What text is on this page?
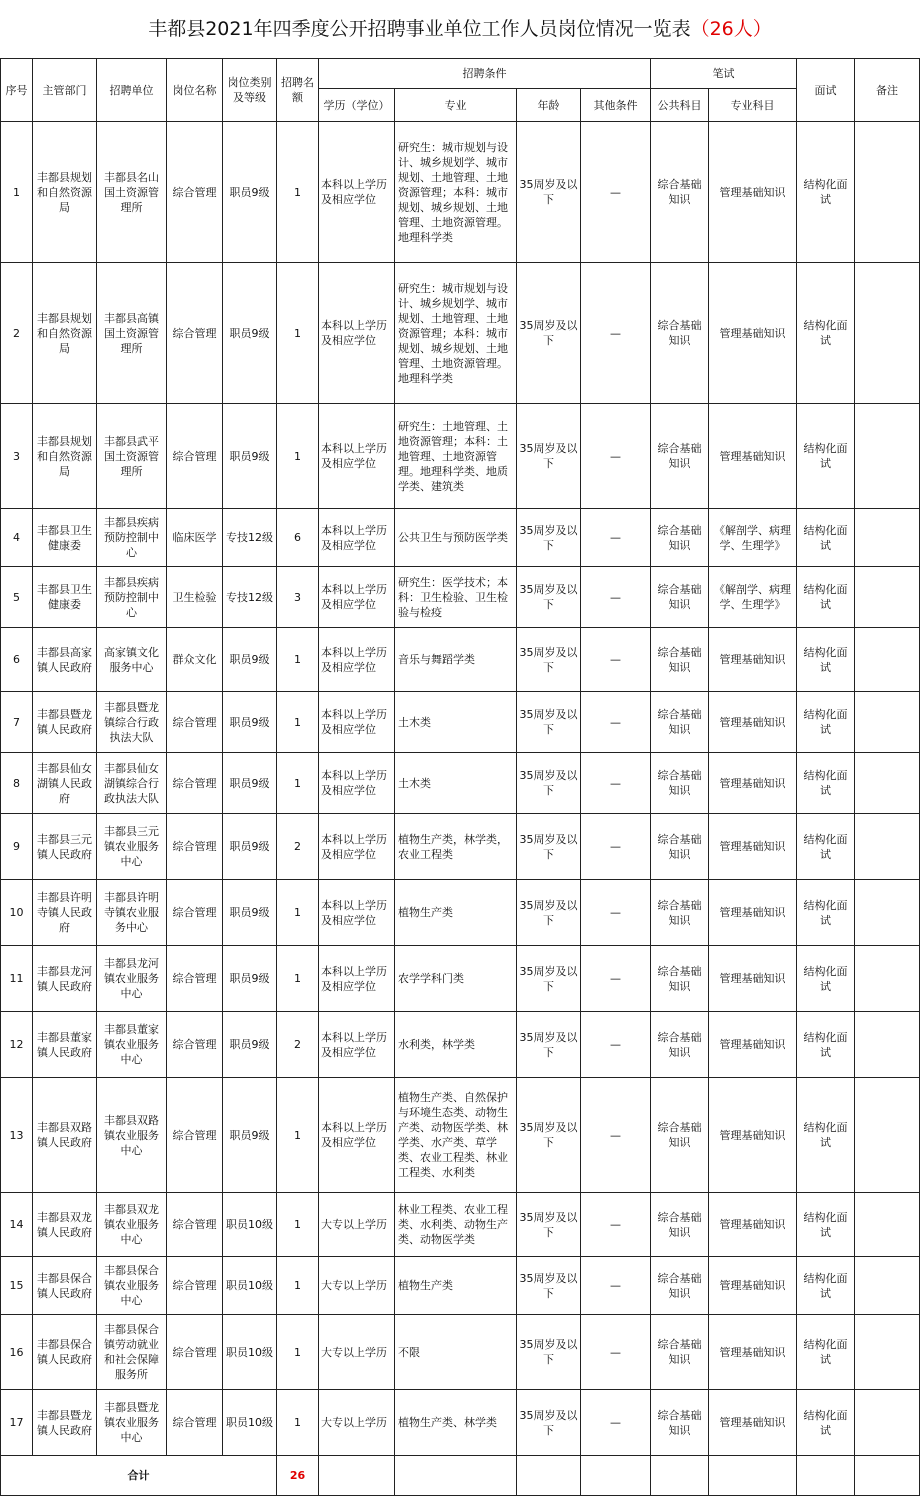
丰都县2021年四季度公开招聘事业单位工作人员岗位情况一览表（26人）
序号	主管部门	招聘单位	岗位名称	岗位类别及等级	招聘名额	招聘条件				笔试		面试	备注
						学历（学位）	专业	年龄	其他条件	公共科目	专业科目		
1	丰都县规划和自然资源局	丰都县名山国土资源管理所	综合管理	职员9级	1	本科以上学历及相应学位	研究生：城市规划与设计、城乡规划学、城市规划、土地管理、土地资源管理；本科：城市规划、城乡规划、土地管理、土地资源管理。地理科学类	35周岁及以下	—	综合基础知识	管理基础知识	结构化面试	
2	丰都县规划和自然资源局	丰都县高镇国土资源管理所	综合管理	职员9级	1	本科以上学历及相应学位	研究生：城市规划与设计、城乡规划学、城市规划、土地管理、土地资源管理；本科：城市规划、城乡规划、土地管理、土地资源管理。地理科学类	35周岁及以下	—	综合基础知识	管理基础知识	结构化面试	
3	丰都县规划和自然资源局	丰都县武平国土资源管理所	综合管理	职员9级	1	本科以上学历及相应学位	研究生：土地管理、土地资源管理；本科：土地管理、土地资源管理。地理科学类、地质学类、建筑类	35周岁及以下	—	综合基础知识	管理基础知识	结构化面试	
4	丰都县卫生健康委	丰都县疾病预防控制中心	临床医学	专技12级	6	本科以上学历及相应学位	公共卫生与预防医学类	35周岁及以下	—	综合基础知识	《解剖学、病理学、生理学》	结构化面试	
5	丰都县卫生健康委	丰都县疾病预防控制中心	卫生检验	专技12级	3	本科以上学历及相应学位	研究生：医学技术；本科：卫生检验、卫生检验与检疫	35周岁及以下	—	综合基础知识	《解剖学、病理学、生理学》	结构化面试	
6	丰都县高家镇人民政府	高家镇文化服务中心	群众文化	职员9级	1	本科以上学历及相应学位	音乐与舞蹈学类	35周岁及以下	—	综合基础知识	管理基础知识	结构化面试	
7	丰都县暨龙镇人民政府	丰都县暨龙镇综合行政执法大队	综合管理	职员9级	1	本科以上学历及相应学位	土木类	35周岁及以下	—	综合基础知识	管理基础知识	结构化面试	
8	丰都县仙女湖镇人民政府	丰都县仙女湖镇综合行政执法大队	综合管理	职员9级	1	本科以上学历及相应学位	土木类	35周岁及以下	—	综合基础知识	管理基础知识	结构化面试	
9	丰都县三元镇人民政府	丰都县三元镇农业服务中心	综合管理	职员9级	2	本科以上学历及相应学位	植物生产类，林学类，农业工程类	35周岁及以下	—	综合基础知识	管理基础知识	结构化面试	
10	丰都县许明寺镇人民政府	丰都县许明寺镇农业服务中心	综合管理	职员9级	1	本科以上学历及相应学位	植物生产类	35周岁及以下	—	综合基础知识	管理基础知识	结构化面试	
11	丰都县龙河镇人民政府	丰都县龙河镇农业服务中心	综合管理	职员9级	1	本科以上学历及相应学位	农学学科门类	35周岁及以下	—	综合基础知识	管理基础知识	结构化面试	
12	丰都县董家镇人民政府	丰都县董家镇农业服务中心	综合管理	职员9级	2	本科以上学历及相应学位	水利类，林学类	35周岁及以下	—	综合基础知识	管理基础知识	结构化面试	
13	丰都县双路镇人民政府	丰都县双路镇农业服务中心	综合管理	职员9级	1	本科以上学历及相应学位	植物生产类、自然保护与环境生态类、动物生产类、动物医学类、林学类、水产类、草学类、农业工程类、林业工程类、水利类	35周岁及以下	—	综合基础知识	管理基础知识	结构化面试	
14	丰都县双龙镇人民政府	丰都县双龙镇农业服务中心	综合管理	职员10级	1	大专以上学历	林业工程类、农业工程类、水利类、动物生产类、动物医学类	35周岁及以下	—	综合基础知识	管理基础知识	结构化面试	
15	丰都县保合镇人民政府	丰都县保合镇农业服务中心	综合管理	职员10级	1	大专以上学历	植物生产类	35周岁及以下	—	综合基础知识	管理基础知识	结构化面试	
16	丰都县保合镇人民政府	丰都县保合镇劳动就业和社会保障服务所	综合管理	职员10级	1	大专以上学历	不限	35周岁及以下	—	综合基础知识	管理基础知识	结构化面试	
17	丰都县暨龙镇人民政府	丰都县暨龙镇农业服务中心	综合管理	职员10级	1	大专以上学历	植物生产类、林学类	35周岁及以下	—	综合基础知识	管理基础知识	结构化面试	
合计					26								
